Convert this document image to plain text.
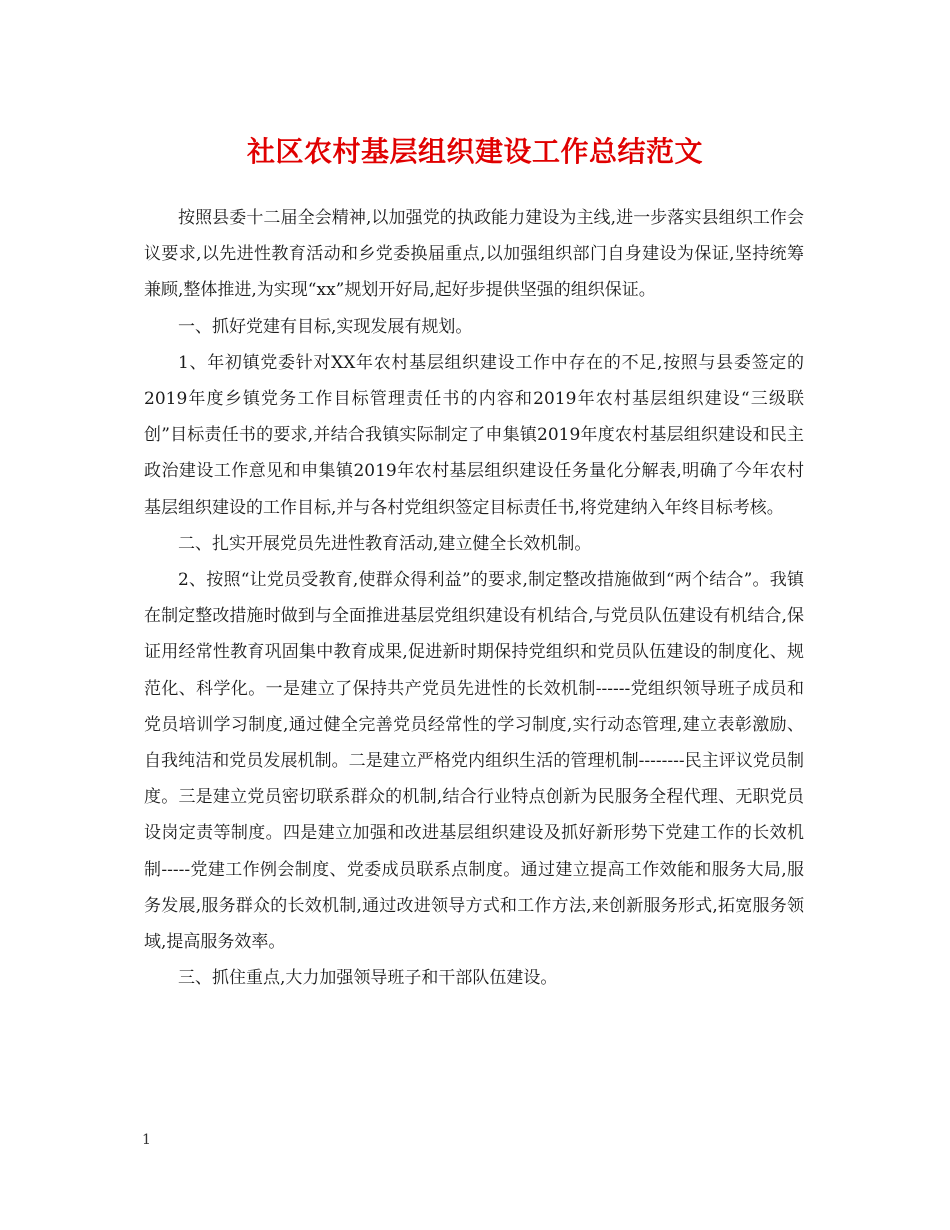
社区农村基层组织建设工作总结范文

按照县委十二届全会精神,以加强党的执政能力建设为主线,进一步落实县组织工作会议要求,以先进性教育活动和乡党委换届重点,以加强组织部门自身建设为保证,坚持统筹兼顾,整体推进,为实现“xx”规划开好局,起好步提供坚强的组织保证。

一、抓好党建有目标,实现发展有规划。

1、年初镇党委针对XX年农村基层组织建设工作中存在的不足,按照与县委签定的2019年度乡镇党务工作目标管理责任书的内容和2019年农村基层组织建设“三级联创”目标责任书的要求,并结合我镇实际制定了申集镇2019年度农村基层组织建设和民主政治建设工作意见和申集镇2019年农村基层组织建设任务量化分解表,明确了今年农村基层组织建设的工作目标,并与各村党组织签定目标责任书,将党建纳入年终目标考核。

二、扎实开展党员先进性教育活动,建立健全长效机制。

2、按照“让党员受教育,使群众得利益”的要求,制定整改措施做到“两个结合”。我镇在制定整改措施时做到与全面推进基层党组织建设有机结合,与党员队伍建设有机结合,保证用经常性教育巩固集中教育成果,促进新时期保持党组织和党员队伍建设的制度化、规范化、科学化。一是建立了保持共产党员先进性的长效机制------党组织领导班子成员和党员培训学习制度,通过健全完善党员经常性的学习制度,实行动态管理,建立表彰激励、自我纯洁和党员发展机制。二是建立严格党内组织生活的管理机制--------民主评议党员制度。三是建立党员密切联系群众的机制,结合行业特点创新为民服务全程代理、无职党员设岗定责等制度。四是建立加强和改进基层组织建设及抓好新形势下党建工作的长效机制-----党建工作例会制度、党委成员联系点制度。通过建立提高工作效能和服务大局,服务发展,服务群众的长效机制,通过改进领导方式和工作方法,来创新服务形式,拓宽服务领域,提高服务效率。

三、抓住重点,大力加强领导班子和干部队伍建设。

1
